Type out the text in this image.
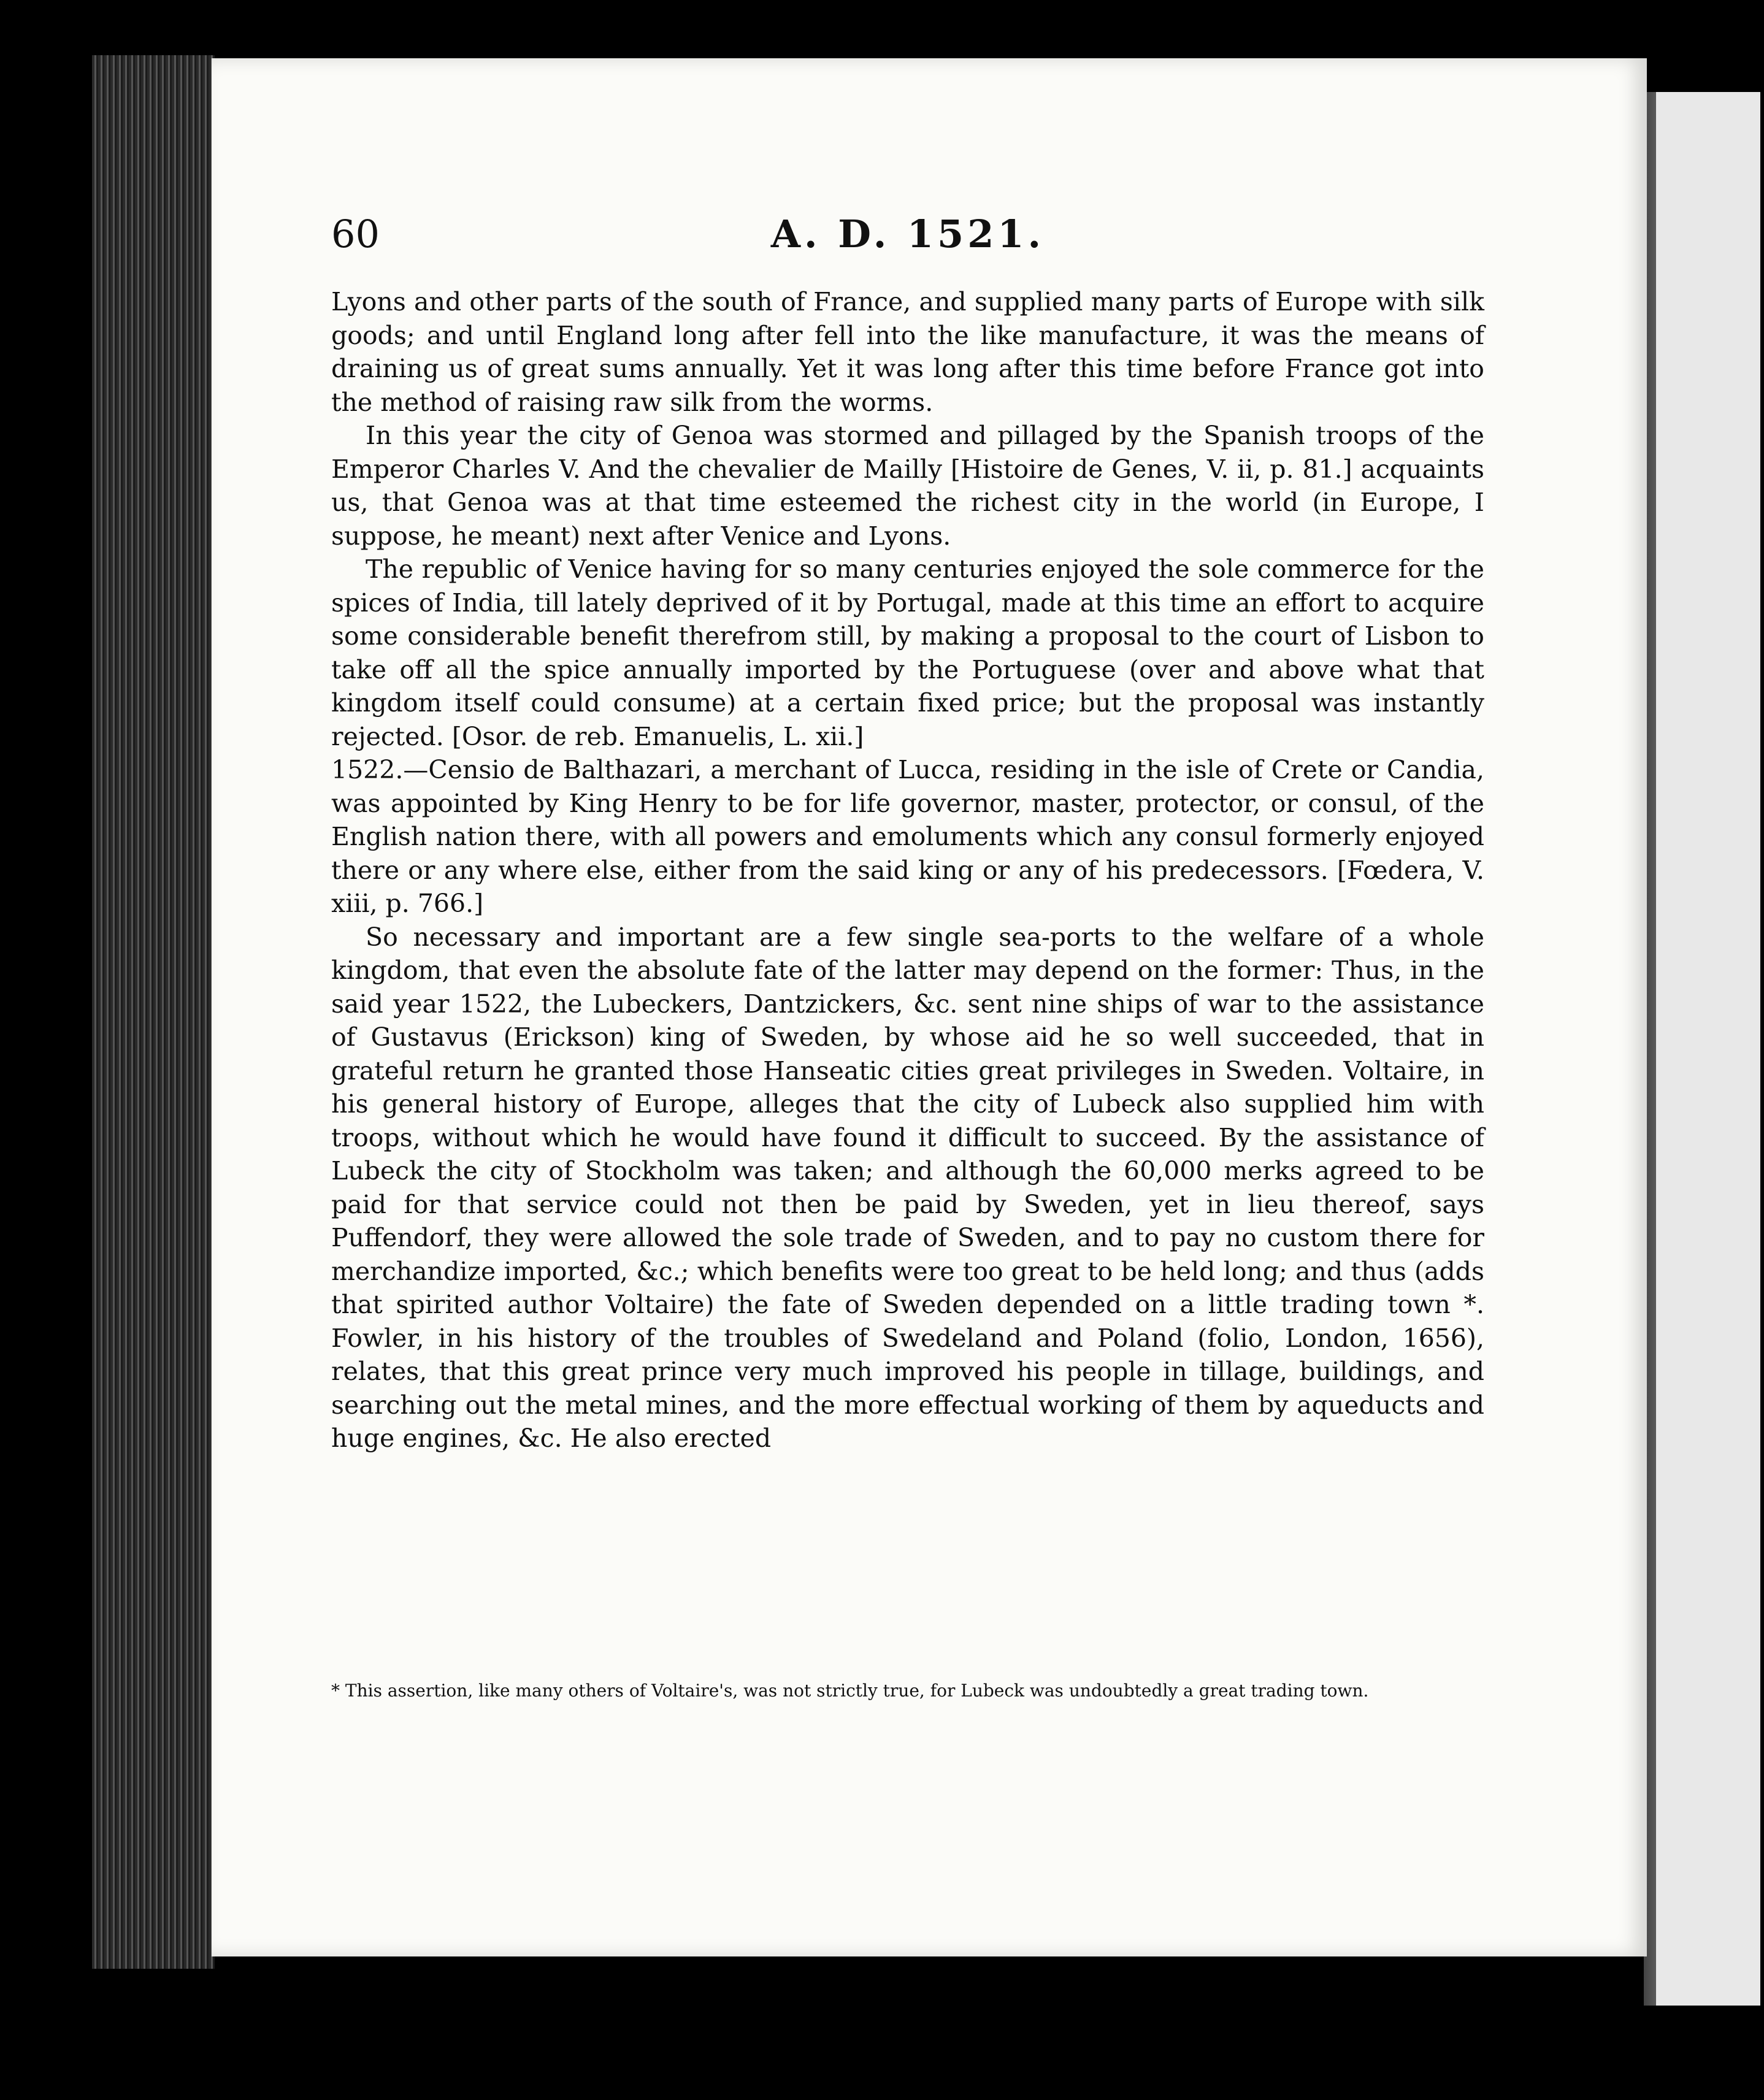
60	A. D. 1521.

Lyons and other parts of the south of France, and supplied many parts of Europe with silk goods; and until England long after fell into the like manufacture, it was the means of draining us of great sums annually. Yet it was long after this time before France got into the method of raising raw silk from the worms.

In this year the city of Genoa was stormed and pillaged by the Spanish troops of the Emperor Charles V. And the chevalier de Mailly [Histoire de Genes, V. ii, p. 81.] acquaints us, that Genoa was at that time esteemed the richest city in the world (in Europe, I suppose, he meant) next after Venice and Lyons.

The republic of Venice having for so many centuries enjoyed the sole commerce for the spices of India, till lately deprived of it by Portugal, made at this time an effort to acquire some considerable benefit therefrom still, by making a proposal to the court of Lisbon to take off all the spice annually imported by the Portuguese (over and above what that kingdom itself could consume) at a certain fixed price; but the proposal was instantly rejected. [Osor. de reb. Emanuelis, L. xii.]

1522.—Censio de Balthazari, a merchant of Lucca, residing in the isle of Crete or Candia, was appointed by King Henry to be for life governor, master, protector, or consul, of the English nation there, with all powers and emoluments which any consul formerly enjoyed there or any where else, either from the said king or any of his predecessors. [Fœdera, V. xiii, p. 766.]

So necessary and important are a few single sea-ports to the welfare of a whole kingdom, that even the absolute fate of the latter may depend on the former: Thus, in the said year 1522, the Lubeckers, Dantzickers, &c. sent nine ships of war to the assistance of Gustavus (Erickson) king of Sweden, by whose aid he so well succeeded, that in grateful return he granted those Hanseatic cities great privileges in Sweden. Voltaire, in his general history of Europe, alleges that the city of Lubeck also supplied him with troops, without which he would have found it difficult to succeed. By the assistance of Lubeck the city of Stockholm was taken; and although the 60,000 merks agreed to be paid for that service could not then be paid by Sweden, yet in lieu thereof, says Puffendorf, they were allowed the sole trade of Sweden, and to pay no custom there for merchandize imported, &c.; which benefits were too great to be held long; and thus (adds that spirited author Voltaire) the fate of Sweden depended on a little trading town *. Fowler, in his history of the troubles of Swedeland and Poland (folio, London, 1656), relates, that this great prince very much improved his people in tillage, buildings, and searching out the metal mines, and the more effectual working of them by aqueducts and huge engines, &c. He also erected

* This assertion, like many others of Voltaire's, was not strictly true, for Lubeck was undoubtedly a great trading town.
